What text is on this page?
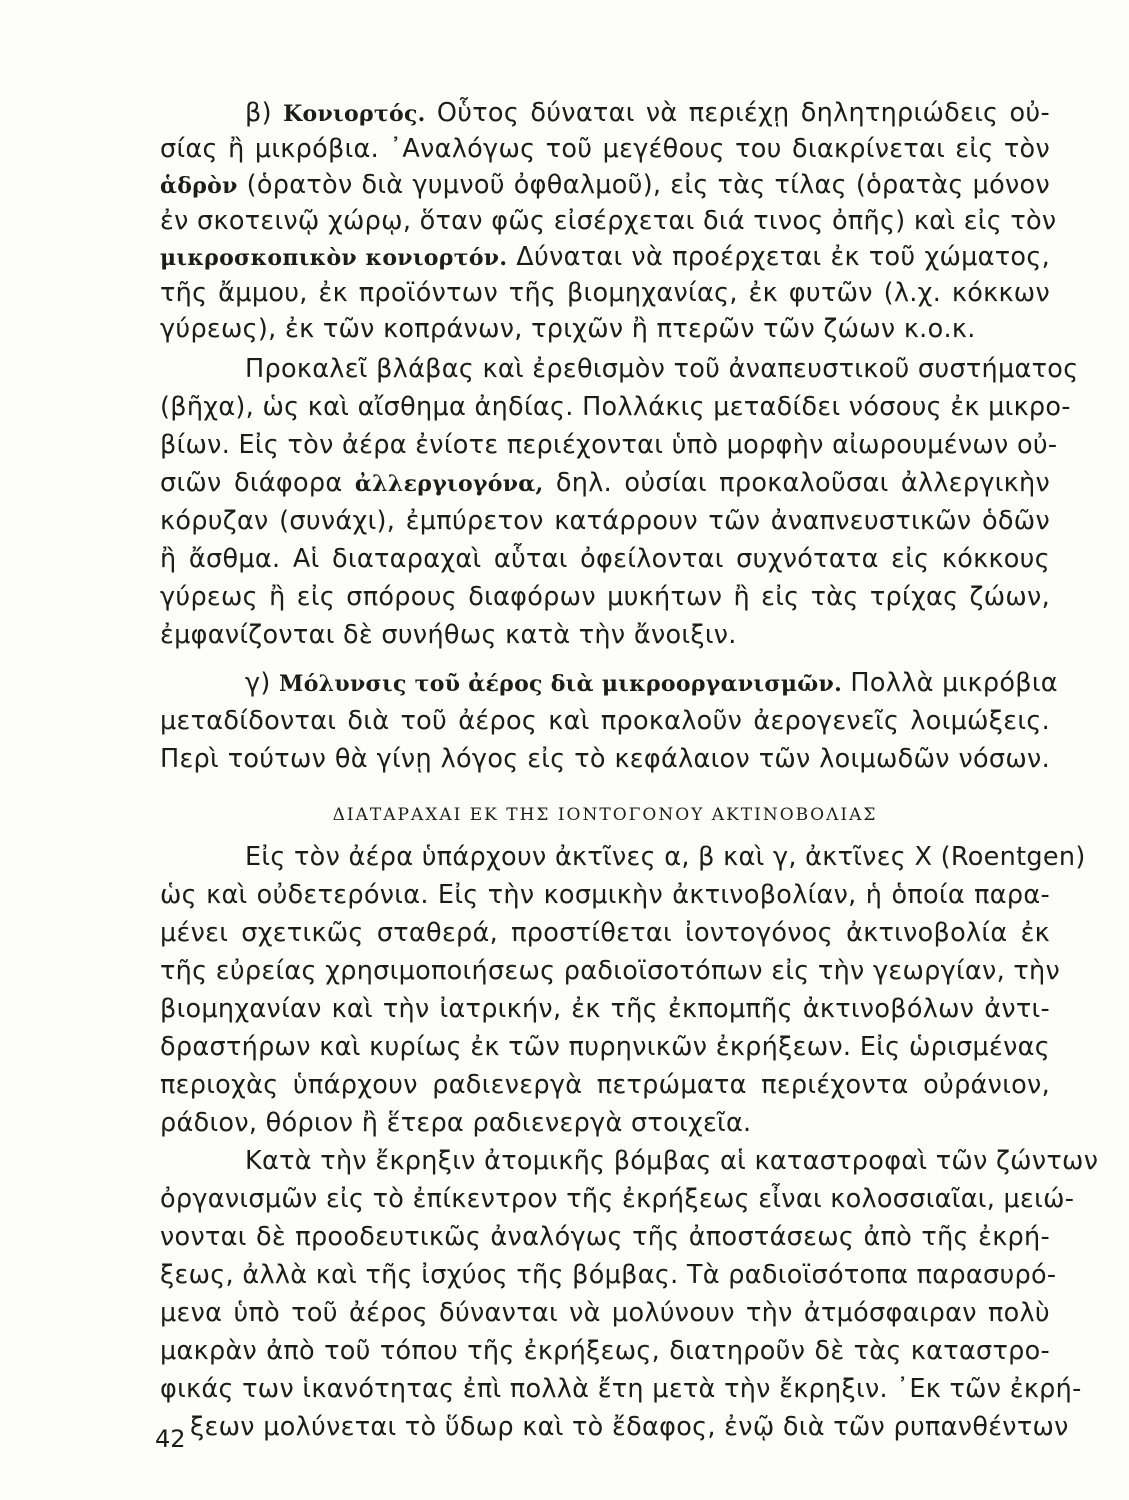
β) Κονιορτός. Οὗτος δύναται νὰ περιέχῃ δηλητηριώδεις οὐ-
σίας ἢ μικρόβια. ᾿Αναλόγως τοῦ μεγέθους του διακρίνεται εἰς τὸν
ἁδρὸν (ὁρατὸν διὰ γυμνοῦ ὀφθαλμοῦ), εἰς τὰς τίλας (ὁρατὰς μόνον
ἐν σκοτεινῷ χώρῳ, ὅταν φῶς εἰσέρχεται διά τινος ὀπῆς) καὶ εἰς τὸν
μικροσκοπικὸν κονιορτόν. Δύναται νὰ προέρχεται ἐκ τοῦ χώματος,
τῆς ἄμμου, ἐκ προϊόντων τῆς βιομηχανίας, ἐκ φυτῶν (λ.χ. κόκκων
γύρεως), ἐκ τῶν κοπράνων, τριχῶν ἢ πτερῶν τῶν ζώων κ.ο.κ.
Προκαλεῖ βλάβας καὶ ἐρεθισμὸν τοῦ ἀναπευστικοῦ συστήματος
(βῆχα), ὡς καὶ αἴσθημα ἀηδίας. Πολλάκις μεταδίδει νόσους ἐκ μικρο-
βίων. Εἰς τὸν ἀέρα ἐνίοτε περιέχονται ὑπὸ μορφὴν αἰωρουμένων οὐ-
σιῶν διάφορα ἀλλεργιογόνα, δηλ. οὐσίαι προκαλοῦσαι ἀλλεργικὴν
κόρυζαν (συνάχι), ἐμπύρετον κατάρρουν τῶν ἀναπνευστικῶν ὁδῶν
ἢ ἄσθμα. Αἱ διαταραχαὶ αὗται ὀφείλονται συχνότατα εἰς κόκκους
γύρεως ἢ εἰς σπόρους διαφόρων μυκήτων ἢ εἰς τὰς τρίχας ζώων,
ἐμφανίζονται δὲ συνήθως κατὰ τὴν ἄνοιξιν.
γ) Μόλυνσις τοῦ ἀέρος διὰ μικροοργανισμῶν. Πολλὰ μικρόβια
μεταδίδονται διὰ τοῦ ἀέρος καὶ προκαλοῦν ἀερογενεῖς λοιμώξεις.
Περὶ τούτων θὰ γίνῃ λόγος εἰς τὸ κεφάλαιον τῶν λοιμωδῶν νόσων.
ΔΙΑΤΑΡΑΧΑΙ ΕΚ ΤΗΣ ΙΟΝΤΟΓΟΝΟΥ ΑΚΤΙΝΟΒΟΛΙΑΣ
Εἰς τὸν ἀέρα ὑπάρχουν ἀκτῖνες α, β καὶ γ, ἀκτῖνες Χ (Roentgen)
ὡς καὶ οὐδετερόνια. Εἰς τὴν κοσμικὴν ἀκτινοβολίαν, ἡ ὁποία παρα-
μένει σχετικῶς σταθερά, προστίθεται ἰοντογόνος ἀκτινοβολία ἐκ
τῆς εὐρείας χρησιμοποιήσεως ραδιοϊσοτόπων εἰς τὴν γεωργίαν, τὴν
βιομηχανίαν καὶ τὴν ἰατρικήν, ἐκ τῆς ἐκπομπῆς ἀκτινοβόλων ἀντι-
δραστήρων καὶ κυρίως ἐκ τῶν πυρηνικῶν ἐκρήξεων. Εἰς ὡρισμένας
περιοχὰς ὑπάρχουν ραδιενεργὰ πετρώματα περιέχοντα οὐράνιον,
ράδιον, θόριον ἢ ἕτερα ραδιενεργὰ στοιχεῖα.
Κατὰ τὴν ἔκρηξιν ἀτομικῆς βόμβας αἱ καταστροφαὶ τῶν ζώντων
ὀργανισμῶν εἰς τὸ ἐπίκεντρον τῆς ἐκρήξεως εἶναι κολοσσιαῖαι, μειώ-
νονται δὲ προοδευτικῶς ἀναλόγως τῆς ἀποστάσεως ἀπὸ τῆς ἐκρή-
ξεως, ἀλλὰ καὶ τῆς ἰσχύος τῆς βόμβας. Τὰ ραδιοϊσότοπα παρασυρό-
μενα ὑπὸ τοῦ ἀέρος δύνανται νὰ μολύνουν τὴν ἀτμόσφαιραν πολὺ
μακρὰν ἀπὸ τοῦ τόπου τῆς ἐκρήξεως, διατηροῦν δὲ τὰς καταστρο-
φικάς των ἱκανότητας ἐπὶ πολλὰ ἔτη μετὰ τὴν ἔκρηξιν. ᾿Εκ τῶν ἐκρή-
ξεων μολύνεται τὸ ὕδωρ καὶ τὸ ἔδαφος, ἐνῷ διὰ τῶν ρυπανθέντων
42
